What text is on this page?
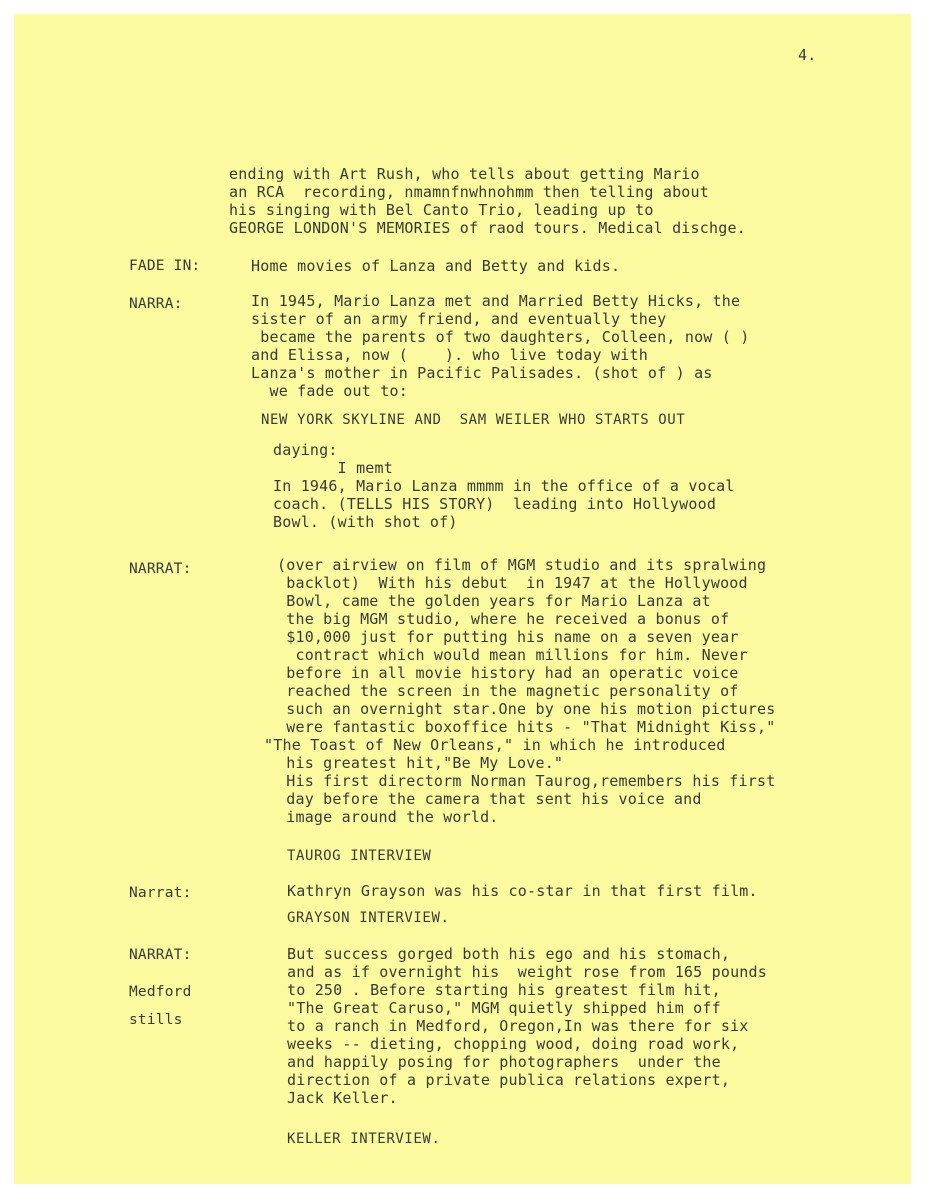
4.
ending with Art Rush, who tells about getting Mario
an RCA  recording, nmamnfnwhnohmm then telling about
his singing with Bel Canto Trio, leading up to
GEORGE LONDON'S MEMORIES of raod tours. Medical dischge.
FADE IN:	Home movies of Lanza and Betty and kids.
NARRA:	In 1945, Mario Lanza met and Married Betty Hicks, the
sister of an army friend, and eventually they
became the parents of two daughters, Colleen, now ( )
and Elissa, now (    ). who live today with
Lanza's mother in Pacific Palisades. (shot of ) as
we fade out to:
NEW YORK SKYLINE AND  SAM WEILER WHO STARTS OUT
daying:
I memt
In 1946, Mario Lanza mmmm in the office of a vocal
coach. (TELLS HIS STORY)  leading into Hollywood
Bowl. (with shot of)
NARRAT:	(over airview on film of MGM studio and its spralwing
backlot)  With his debut  in 1947 at the Hollywood
Bowl, came the golden years for Mario Lanza at
the big MGM studio, where he received a bonus of
$10,000 just for putting his name on a seven year
contract which would mean millions for him. Never
before in all movie history had an operatic voice
reached the screen in the magnetic personality of
such an overnight star.One by one his motion pictures
were fantastic boxoffice hits - "That Midnight Kiss,"
"The Toast of New Orleans," in which he introduced
his greatest hit,"Be My Love."
His first directorm Norman Taurog,remembers his first
day before the camera that sent his voice and
image around the world.
TAUROG INTERVIEW
Narrat:	Kathryn Grayson was his co-star in that first film.
GRAYSON INTERVIEW.
NARRAT:
Medford
stills
But success gorged both his ego and his stomach,
and as if overnight his  weight rose from 165 pounds
to 250 . Before starting his greatest film hit,
"The Great Caruso," MGM quietly shipped him off
to a ranch in Medford, Oregon,In was there for six
weeks -- dieting, chopping wood, doing road work,
and happily posing for photographers  under the
direction of a private publica relations expert,
Jack Keller.
KELLER INTERVIEW.
